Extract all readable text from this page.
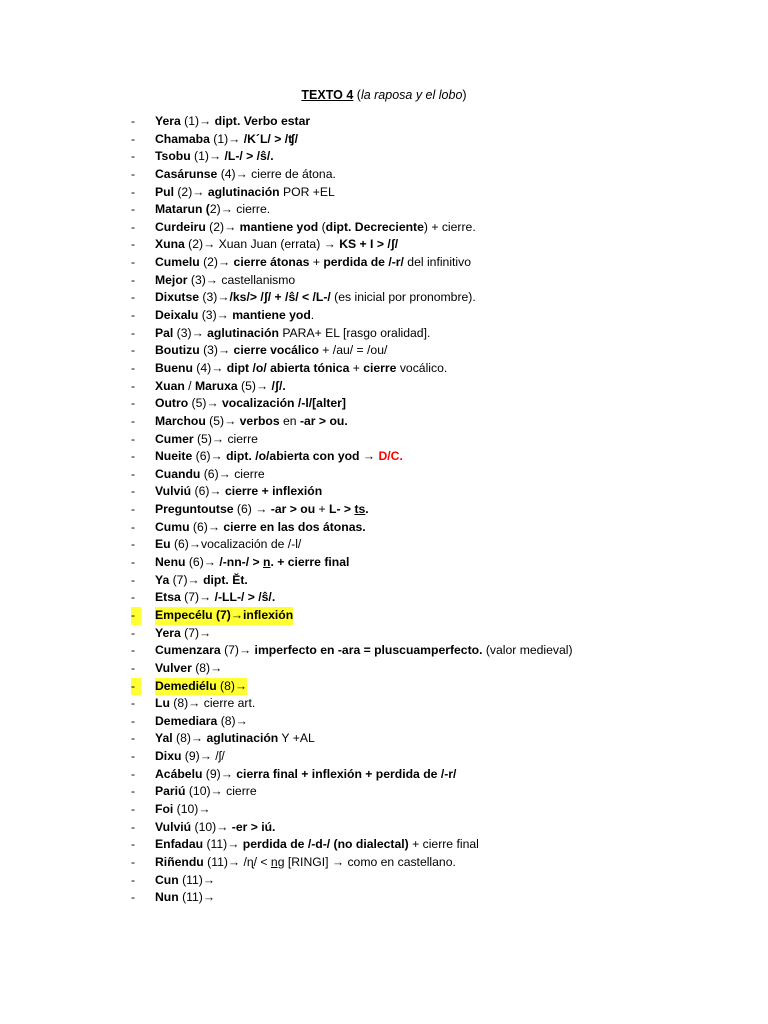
TEXTO 4 (la raposa y el lobo)
-	Yera (1)→ dipt. Verbo estar
-	Chamaba (1)→ /K´L/ > /ʧ/
-	Tsobu (1)→ /L-/ > /ŝ/.
-	Casárunse (4)→ cierre de átona.
-	Pul (2)→ aglutinación POR +EL
-	Matarun (2)→ cierre.
-	Curdeiru (2)→ mantiene yod (dipt. Decreciente) + cierre.
-	Xuna (2)→ Xuan Juan (errata) → KS + I > /ʃ/
-	Cumelu (2)→ cierre átonas + perdida de /-r/ del infinitivo
-	Mejor (3)→ castellanismo
-	Dixutse (3)→/ks/> /ʃ/ + /ŝ/ < /L-/ (es inicial por pronombre).
-	Deixalu (3)→ mantiene yod.
-	Pal (3)→ aglutinación PARA+ EL [rasgo oralidad].
-	Boutizu (3)→ cierre vocálico + /au/ = /ou/
-	Buenu (4)→ dipt /o/ abierta tónica + cierre vocálico.
-	Xuan / Maruxa (5)→ /ʃ/.
-	Outro (5)→ vocalización /-l/[alter]
-	Marchou (5)→ verbos en -ar > ou.
-	Cumer (5)→ cierre
-	Nueite (6)→ dipt. /o/abierta con yod → D/C.
-	Cuandu (6)→ cierre
-	Vulviú (6)→ cierre + inflexión
-	Preguntoutse (6) → -ar > ou + L- > ts.
-	Cumu (6)→ cierre en las dos átonas.
-	Eu (6)→vocalización de /-l/
-	Nenu (6)→ /-nn-/ > n. + cierre final
-	Ya (7)→ dipt. Ĕt.
-	Etsa (7)→ /-LL-/ > /ŝ/.
-	Empecélu (7)→inflexión
-	Yera (7)→
-	Cumenzara (7)→ imperfecto en -ara = pluscuamperfecto. (valor medieval)
-	Vulver (8)→
-	Demediélu (8)→
-	Lu (8)→ cierre art.
-	Demediara (8)→
-	Yal (8)→ aglutinación Y +AL
-	Dixu (9)→ /ʃ/
-	Acábelu (9)→ cierra final + inflexión + perdida de /-r/
-	Pariú (10)→ cierre
-	Foi (10)→
-	Vulviú (10)→ -er > iú.
-	Enfadau (11)→ perdida de /-d-/ (no dialectal) + cierre final
-	Riñendu (11)→ /ɳ/ < ng [RINGI] → como en castellano.
-	Cun (11)→
-	Nun (11)→
